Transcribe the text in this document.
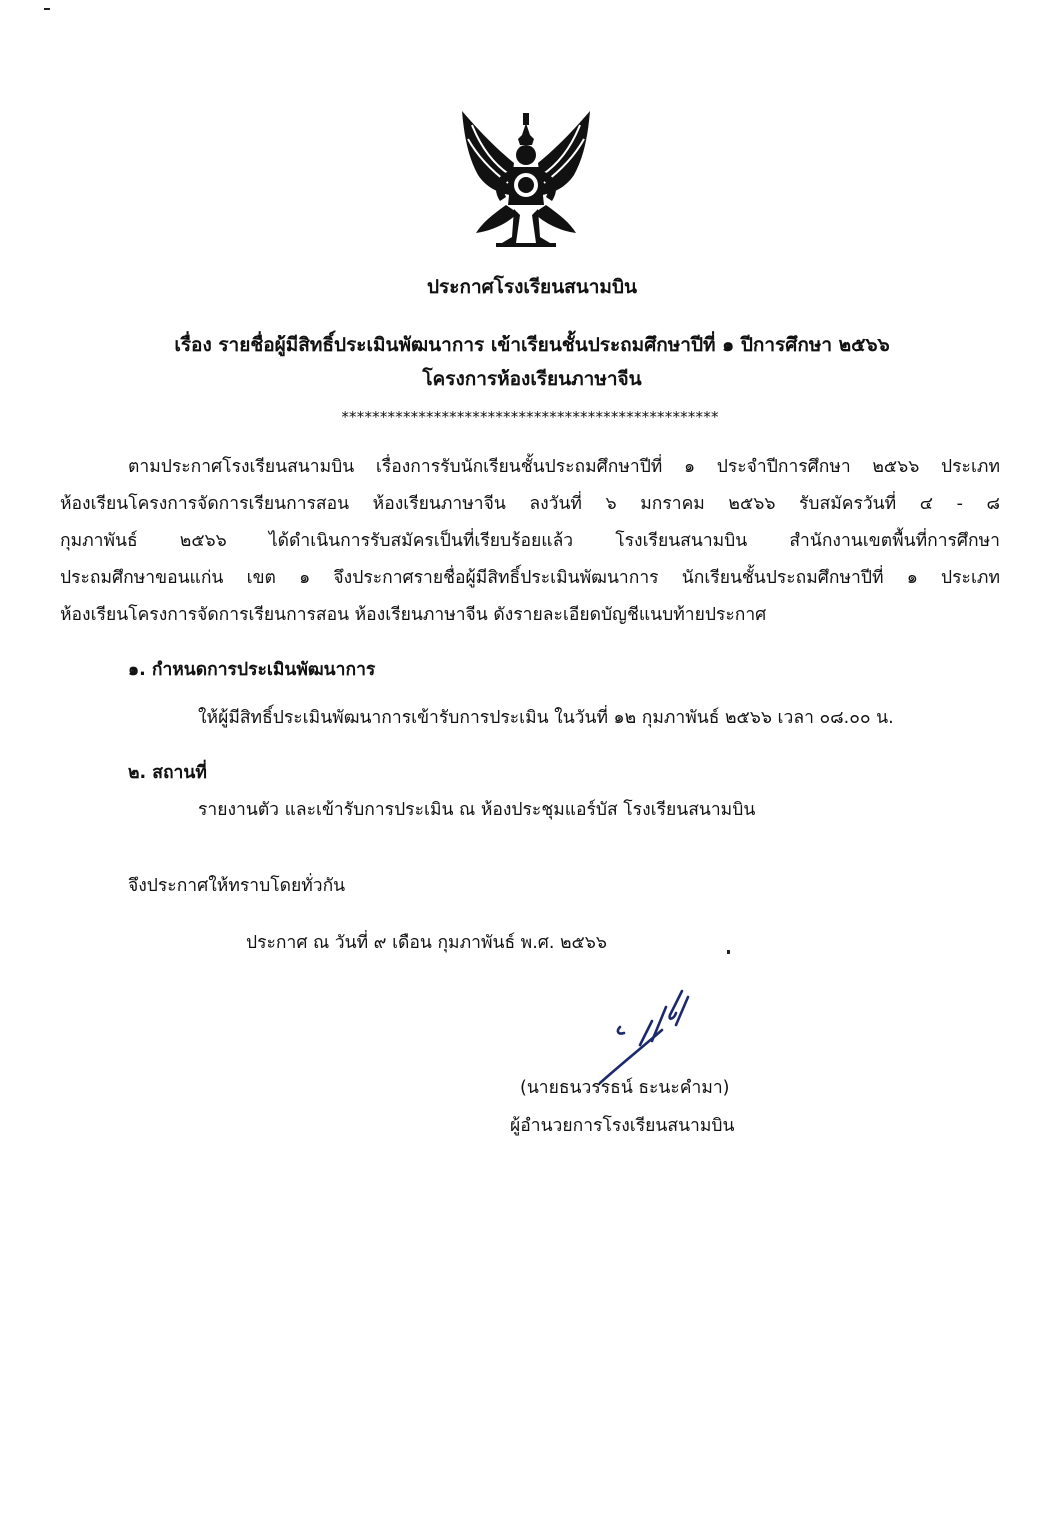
ประกาศโรงเรียนสนามบิน
เรื่อง รายชื่อผู้มีสิทธิ์ประเมินพัฒนาการ เข้าเรียนชั้นประถมศึกษาปีที่ ๑ ปีการศึกษา ๒๕๖๖
โครงการห้องเรียนภาษาจีน
*************************************************
ตามประกาศโรงเรียนสนามบิน เรื่องการรับนักเรียนชั้นประถมศึกษาปีที่ ๑ ประจำปีการศึกษา ๒๕๖๖ ประเภท
ห้องเรียนโครงการจัดการเรียนการสอน ห้องเรียนภาษาจีน ลงวันที่ ๖ มกราคม ๒๕๖๖ รับสมัครวันที่ ๔ - ๘
กุมภาพันธ์ ๒๕๖๖ ได้ดำเนินการรับสมัครเป็นที่เรียบร้อยแล้ว โรงเรียนสนามบิน สำนักงานเขตพื้นที่การศึกษา
ประถมศึกษาขอนแก่น เขต ๑ จึงประกาศรายชื่อผู้มีสิทธิ์ประเมินพัฒนาการ นักเรียนชั้นประถมศึกษาปีที่ ๑ ประเภท
ห้องเรียนโครงการจัดการเรียนการสอน ห้องเรียนภาษาจีน ดังรายละเอียดบัญชีแนบท้ายประกาศ
๑. กำหนดการประเมินพัฒนาการ
ให้ผู้มีสิทธิ์ประเมินพัฒนาการเข้ารับการประเมิน ในวันที่ ๑๒ กุมภาพันธ์ ๒๕๖๖ เวลา ๐๘.๐๐ น.
๒. สถานที่
รายงานตัว และเข้ารับการประเมิน ณ ห้องประชุมแอร์บัส โรงเรียนสนามบิน
จึงประกาศให้ทราบโดยทั่วกัน
ประกาศ ณ วันที่ ๙ เดือน กุมภาพันธ์ พ.ศ. ๒๕๖๖
(นายธนวรรธน์ ธะนะคำมา)
ผู้อำนวยการโรงเรียนสนามบิน
